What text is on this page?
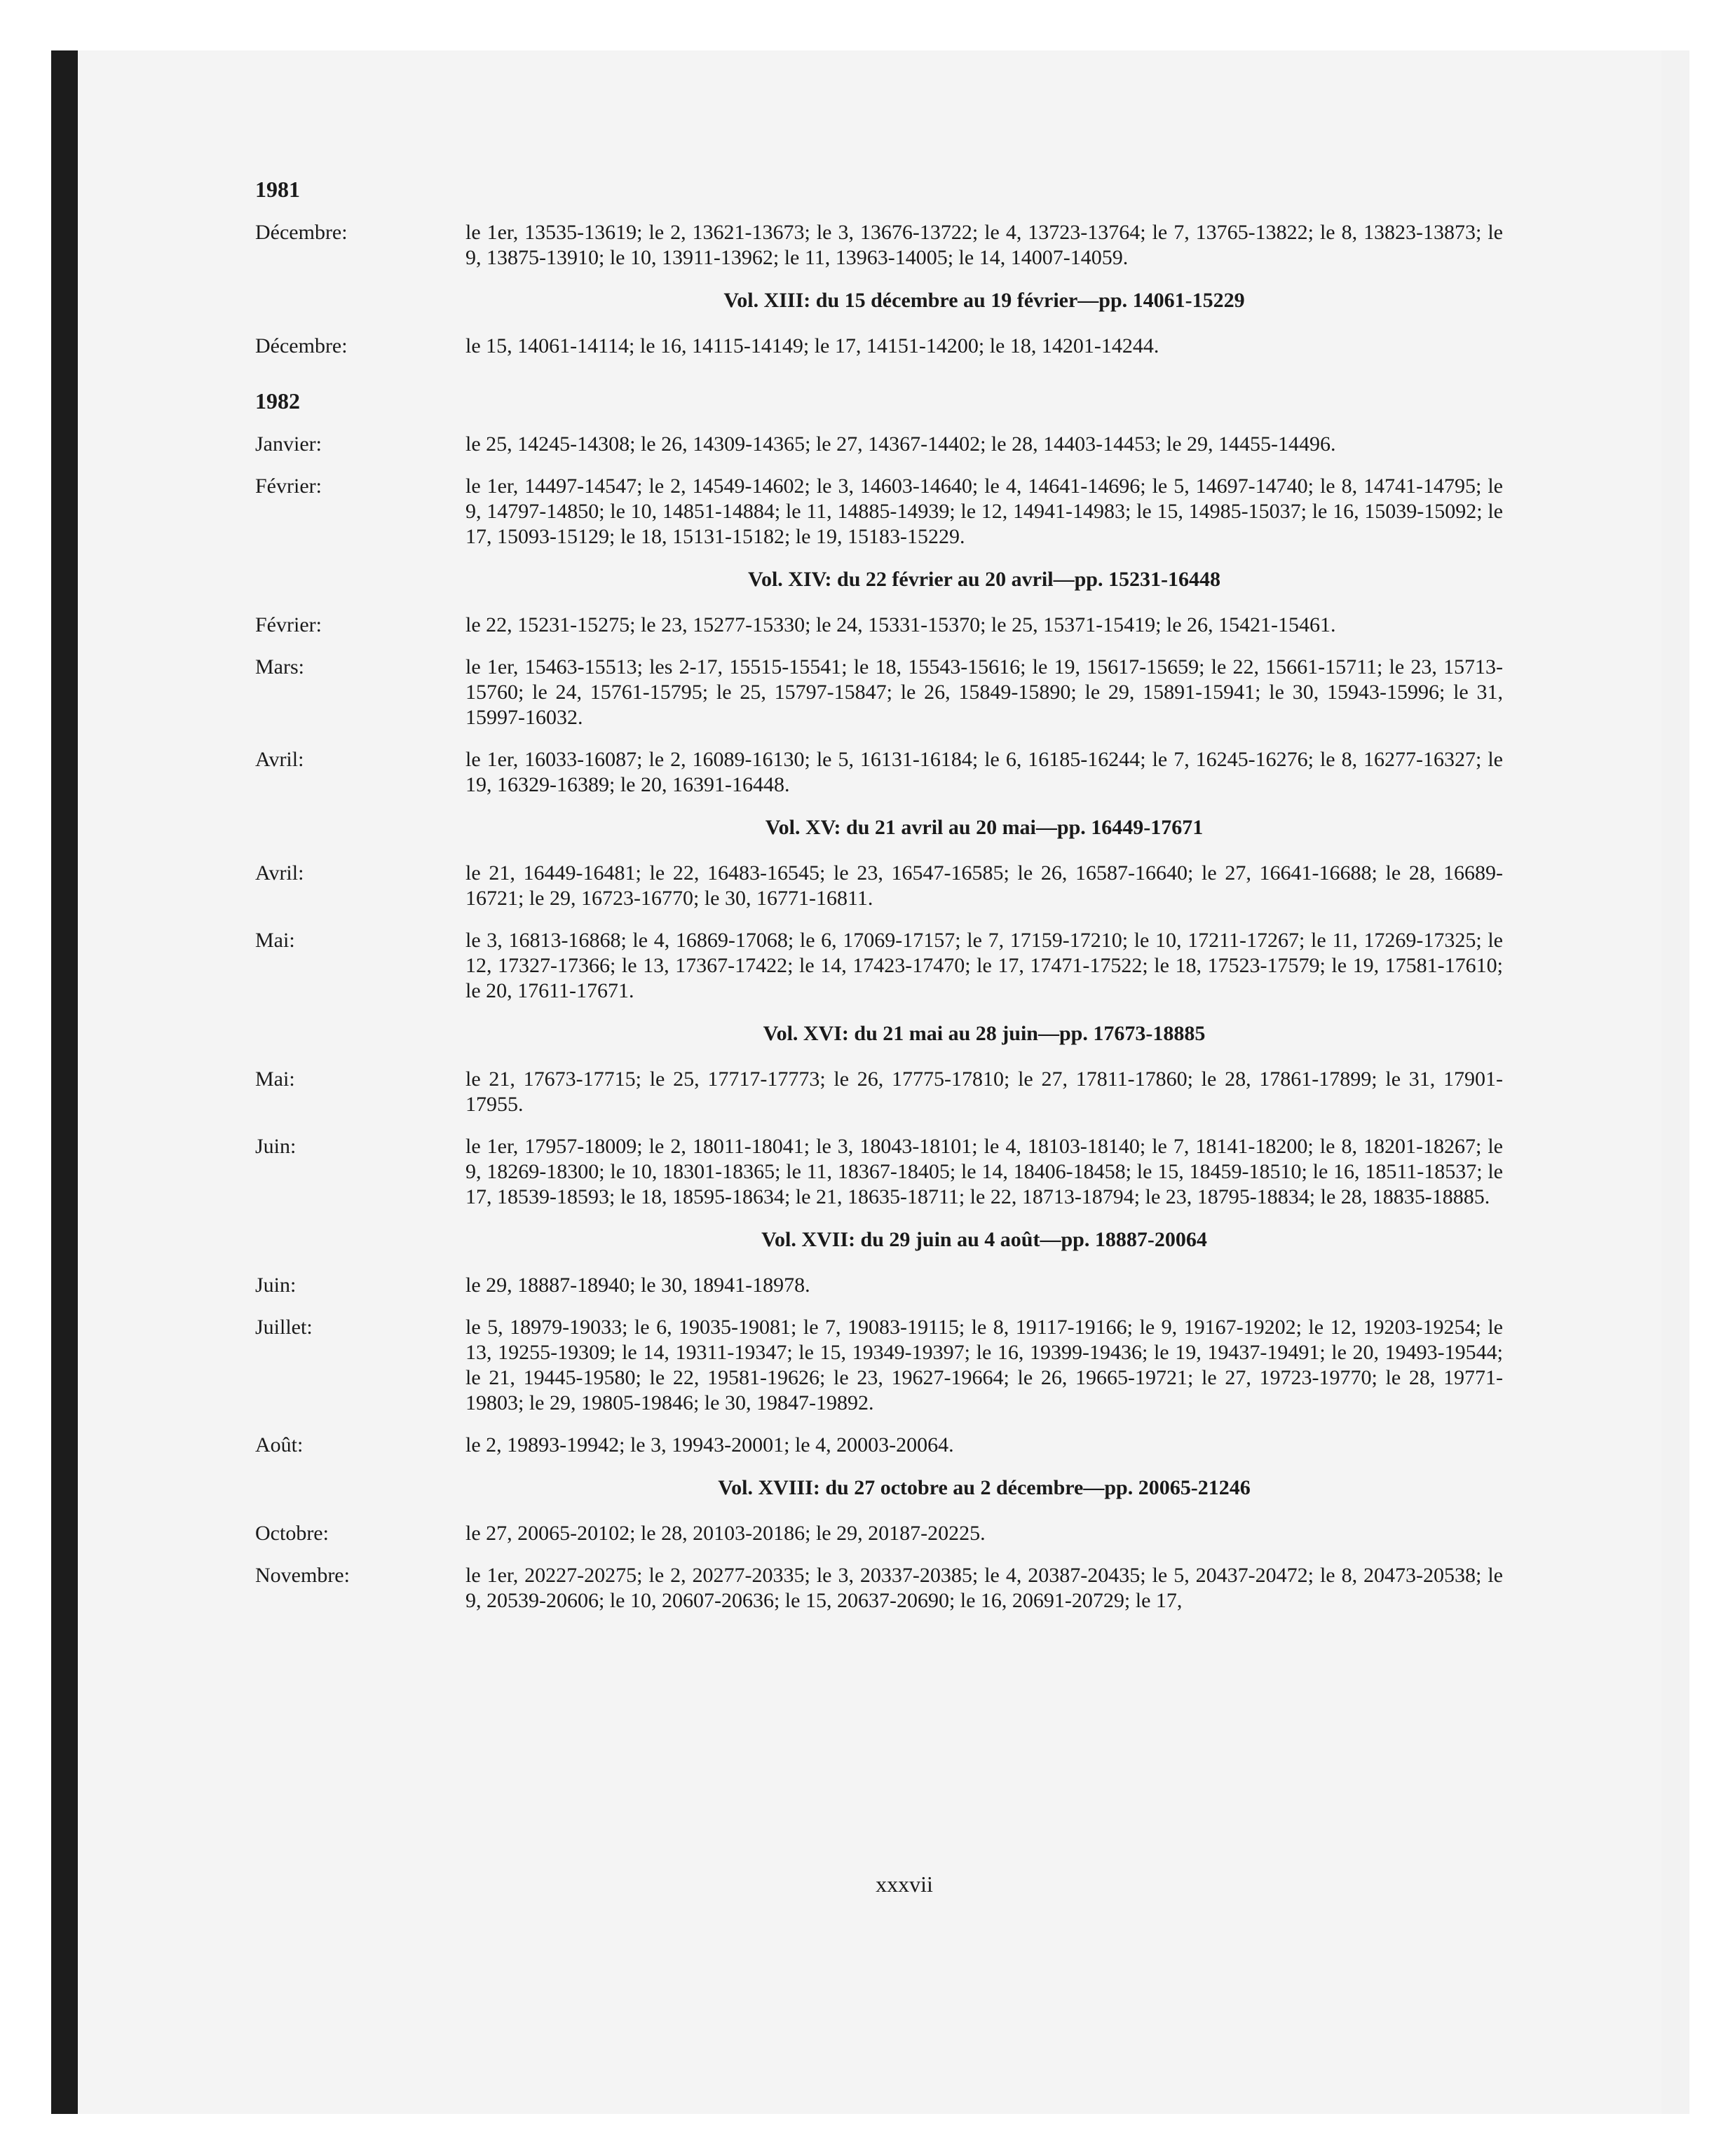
1981
Décembre:	le 1er, 13535-13619; le 2, 13621-13673; le 3, 13676-13722; le 4, 13723-13764; le 7, 13765-13822; le 8, 13823-13873; le 9, 13875-13910; le 10, 13911-13962; le 11, 13963-14005; le 14, 14007-14059.
Vol. XIII: du 15 décembre au 19 février—pp. 14061-15229
Décembre:	le 15, 14061-14114; le 16, 14115-14149; le 17, 14151-14200; le 18, 14201-14244.
1982
Janvier:	le 25, 14245-14308; le 26, 14309-14365; le 27, 14367-14402; le 28, 14403-14453; le 29, 14455-14496.
Février:	le 1er, 14497-14547; le 2, 14549-14602; le 3, 14603-14640; le 4, 14641-14696; le 5, 14697-14740; le 8, 14741-14795; le 9, 14797-14850; le 10, 14851-14884; le 11, 14885-14939; le 12, 14941-14983; le 15, 14985-15037; le 16, 15039-15092; le 17, 15093-15129; le 18, 15131-15182; le 19, 15183-15229.
Vol. XIV: du 22 février au 20 avril—pp. 15231-16448
Février:	le 22, 15231-15275; le 23, 15277-15330; le 24, 15331-15370; le 25, 15371-15419; le 26, 15421-15461.
Mars:	le 1er, 15463-15513; les 2-17, 15515-15541; le 18, 15543-15616; le 19, 15617-15659; le 22, 15661-15711; le 23, 15713-15760; le 24, 15761-15795; le 25, 15797-15847; le 26, 15849-15890; le 29, 15891-15941; le 30, 15943-15996; le 31, 15997-16032.
Avril:	le 1er, 16033-16087; le 2, 16089-16130; le 5, 16131-16184; le 6, 16185-16244; le 7, 16245-16276; le 8, 16277-16327; le 19, 16329-16389; le 20, 16391-16448.
Vol. XV: du 21 avril au 20 mai—pp. 16449-17671
Avril:	le 21, 16449-16481; le 22, 16483-16545; le 23, 16547-16585; le 26, 16587-16640; le 27, 16641-16688; le 28, 16689-16721; le 29, 16723-16770; le 30, 16771-16811.
Mai:	le 3, 16813-16868; le 4, 16869-17068; le 6, 17069-17157; le 7, 17159-17210; le 10, 17211-17267; le 11, 17269-17325; le 12, 17327-17366; le 13, 17367-17422; le 14, 17423-17470; le 17, 17471-17522; le 18, 17523-17579; le 19, 17581-17610; le 20, 17611-17671.
Vol. XVI: du 21 mai au 28 juin—pp. 17673-18885
Mai:	le 21, 17673-17715; le 25, 17717-17773; le 26, 17775-17810; le 27, 17811-17860; le 28, 17861-17899; le 31, 17901-17955.
Juin:	le 1er, 17957-18009; le 2, 18011-18041; le 3, 18043-18101; le 4, 18103-18140; le 7, 18141-18200; le 8, 18201-18267; le 9, 18269-18300; le 10, 18301-18365; le 11, 18367-18405; le 14, 18406-18458; le 15, 18459-18510; le 16, 18511-18537; le 17, 18539-18593; le 18, 18595-18634; le 21, 18635-18711; le 22, 18713-18794; le 23, 18795-18834; le 28, 18835-18885.
Vol. XVII: du 29 juin au 4 août—pp. 18887-20064
Juin:	le 29, 18887-18940; le 30, 18941-18978.
Juillet:	le 5, 18979-19033; le 6, 19035-19081; le 7, 19083-19115; le 8, 19117-19166; le 9, 19167-19202; le 12, 19203-19254; le 13, 19255-19309; le 14, 19311-19347; le 15, 19349-19397; le 16, 19399-19436; le 19, 19437-19491; le 20, 19493-19544; le 21, 19445-19580; le 22, 19581-19626; le 23, 19627-19664; le 26, 19665-19721; le 27, 19723-19770; le 28, 19771-19803; le 29, 19805-19846; le 30, 19847-19892.
Août:	le 2, 19893-19942; le 3, 19943-20001; le 4, 20003-20064.
Vol. XVIII: du 27 octobre au 2 décembre—pp. 20065-21246
Octobre:	le 27, 20065-20102; le 28, 20103-20186; le 29, 20187-20225.
Novembre:	le 1er, 20227-20275; le 2, 20277-20335; le 3, 20337-20385; le 4, 20387-20435; le 5, 20437-20472; le 8, 20473-20538; le 9, 20539-20606; le 10, 20607-20636; le 15, 20637-20690; le 16, 20691-20729; le 17,
xxxvii
